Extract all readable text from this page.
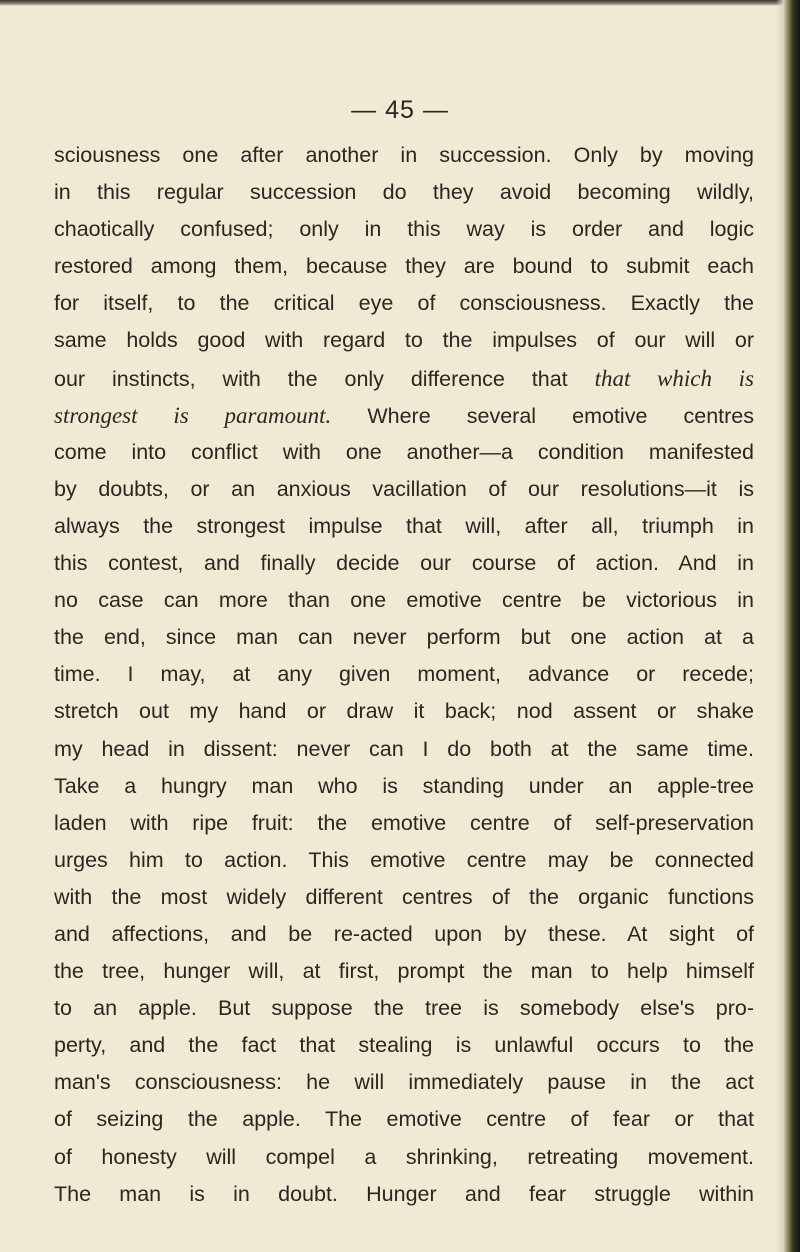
— 45 —
sciousness one after another in succession. Only by moving
in this regular succession do they avoid becoming wildly,
chaotically confused; only in this way is order and logic
restored among them, because they are bound to submit each
for itself, to the critical eye of consciousness. Exactly the
same holds good with regard to the impulses of our will or
our instincts, with the only difference that that which is
strongest is paramount. Where several emotive centres
come into conflict with one another—a condition manifested
by doubts, or an anxious vacillation of our resolutions—it is
always the strongest impulse that will, after all, triumph in
this contest, and finally decide our course of action. And in
no case can more than one emotive centre be victorious in
the end, since man can never perform but one action at a
time. I may, at any given moment, advance or recede;
stretch out my hand or draw it back; nod assent or shake
my head in dissent: never can I do both at the same time.
Take a hungry man who is standing under an apple-tree
laden with ripe fruit: the emotive centre of self-preservation
urges him to action. This emotive centre may be connected
with the most widely different centres of the organic functions
and affections, and be re-acted upon by these. At sight of
the tree, hunger will, at first, prompt the man to help himself
to an apple. But suppose the tree is somebody else's pro-
perty, and the fact that stealing is unlawful occurs to the
man's consciousness: he will immediately pause in the act
of seizing the apple. The emotive centre of fear or that
of honesty will compel a shrinking, retreating movement.
The man is in doubt. Hunger and fear struggle within
